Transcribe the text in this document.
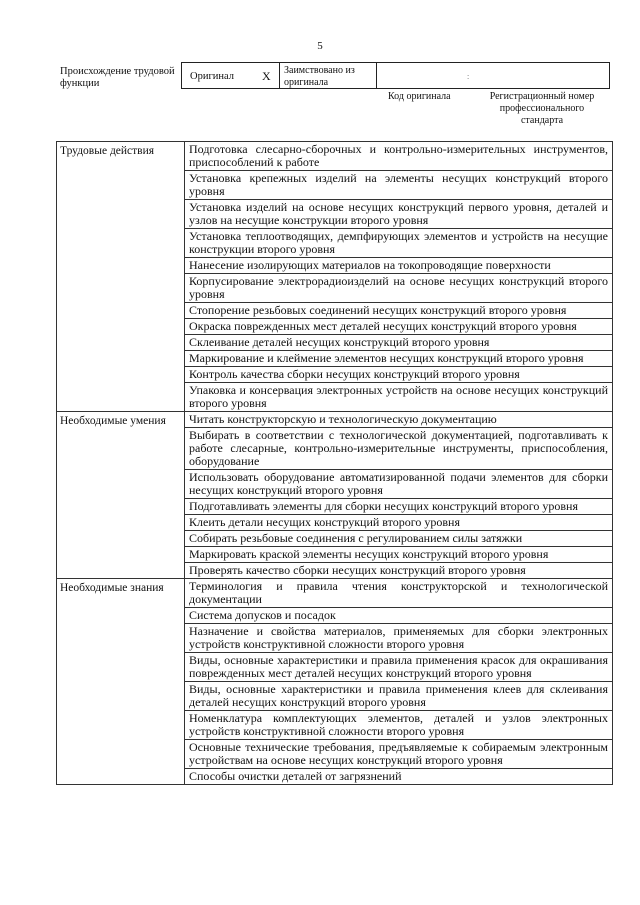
5
Происхождение трудовой функции
Оригинал X Заимствовано из оригинала	:
Код оригинала	Регистрационный номер профессионального стандарта
Трудовые действия	Подготовка слесарно-сборочных и контрольно-измерительных инструментов, приспособлений к работе
	Установка крепежных изделий на элементы несущих конструкций второго уровня
	Установка изделий на основе несущих конструкций первого уровня, деталей и узлов на несущие конструкции второго уровня
	Установка теплоотводящих, демпфирующих элементов и устройств на несущие конструкции второго уровня
	Нанесение изолирующих материалов на токопроводящие поверхности
	Корпусирование электрорадиоизделий на основе несущих конструкций второго уровня
	Стопорение резьбовых соединений несущих конструкций второго уровня
	Окраска поврежденных мест деталей несущих конструкций второго уровня
	Склеивание деталей несущих конструкций второго уровня
	Маркирование и клеймение элементов несущих конструкций второго уровня
	Контроль качества сборки несущих конструкций второго уровня
	Упаковка и консервация электронных устройств на основе несущих конструкций второго уровня
Необходимые умения	Читать конструкторскую и технологическую документацию
	Выбирать в соответствии с технологической документацией, подготавливать к работе слесарные, контрольно-измерительные инструменты, приспособления, оборудование
	Использовать оборудование автоматизированной подачи элементов для сборки несущих конструкций второго уровня
	Подготавливать элементы для сборки несущих конструкций второго уровня
	Клеить детали несущих конструкций второго уровня
	Собирать резьбовые соединения с регулированием силы затяжки
	Маркировать краской элементы несущих конструкций второго уровня
	Проверять качество сборки несущих конструкций второго уровня
Необходимые знания	Терминология и правила чтения конструкторской и технологической документации
	Система допусков и посадок
	Назначение и свойства материалов, применяемых для сборки электронных устройств конструктивной сложности второго уровня
	Виды, основные характеристики и правила применения красок для окрашивания поврежденных мест деталей несущих конструкций второго уровня
	Виды, основные характеристики и правила применения клеев для склеивания деталей несущих конструкций второго уровня
	Номенклатура комплектующих элементов, деталей и узлов электронных устройств конструктивной сложности второго уровня
	Основные технические требования, предъявляемые к собираемым электронным устройствам на основе несущих конструкций второго уровня
	Способы очистки деталей от загрязнений
